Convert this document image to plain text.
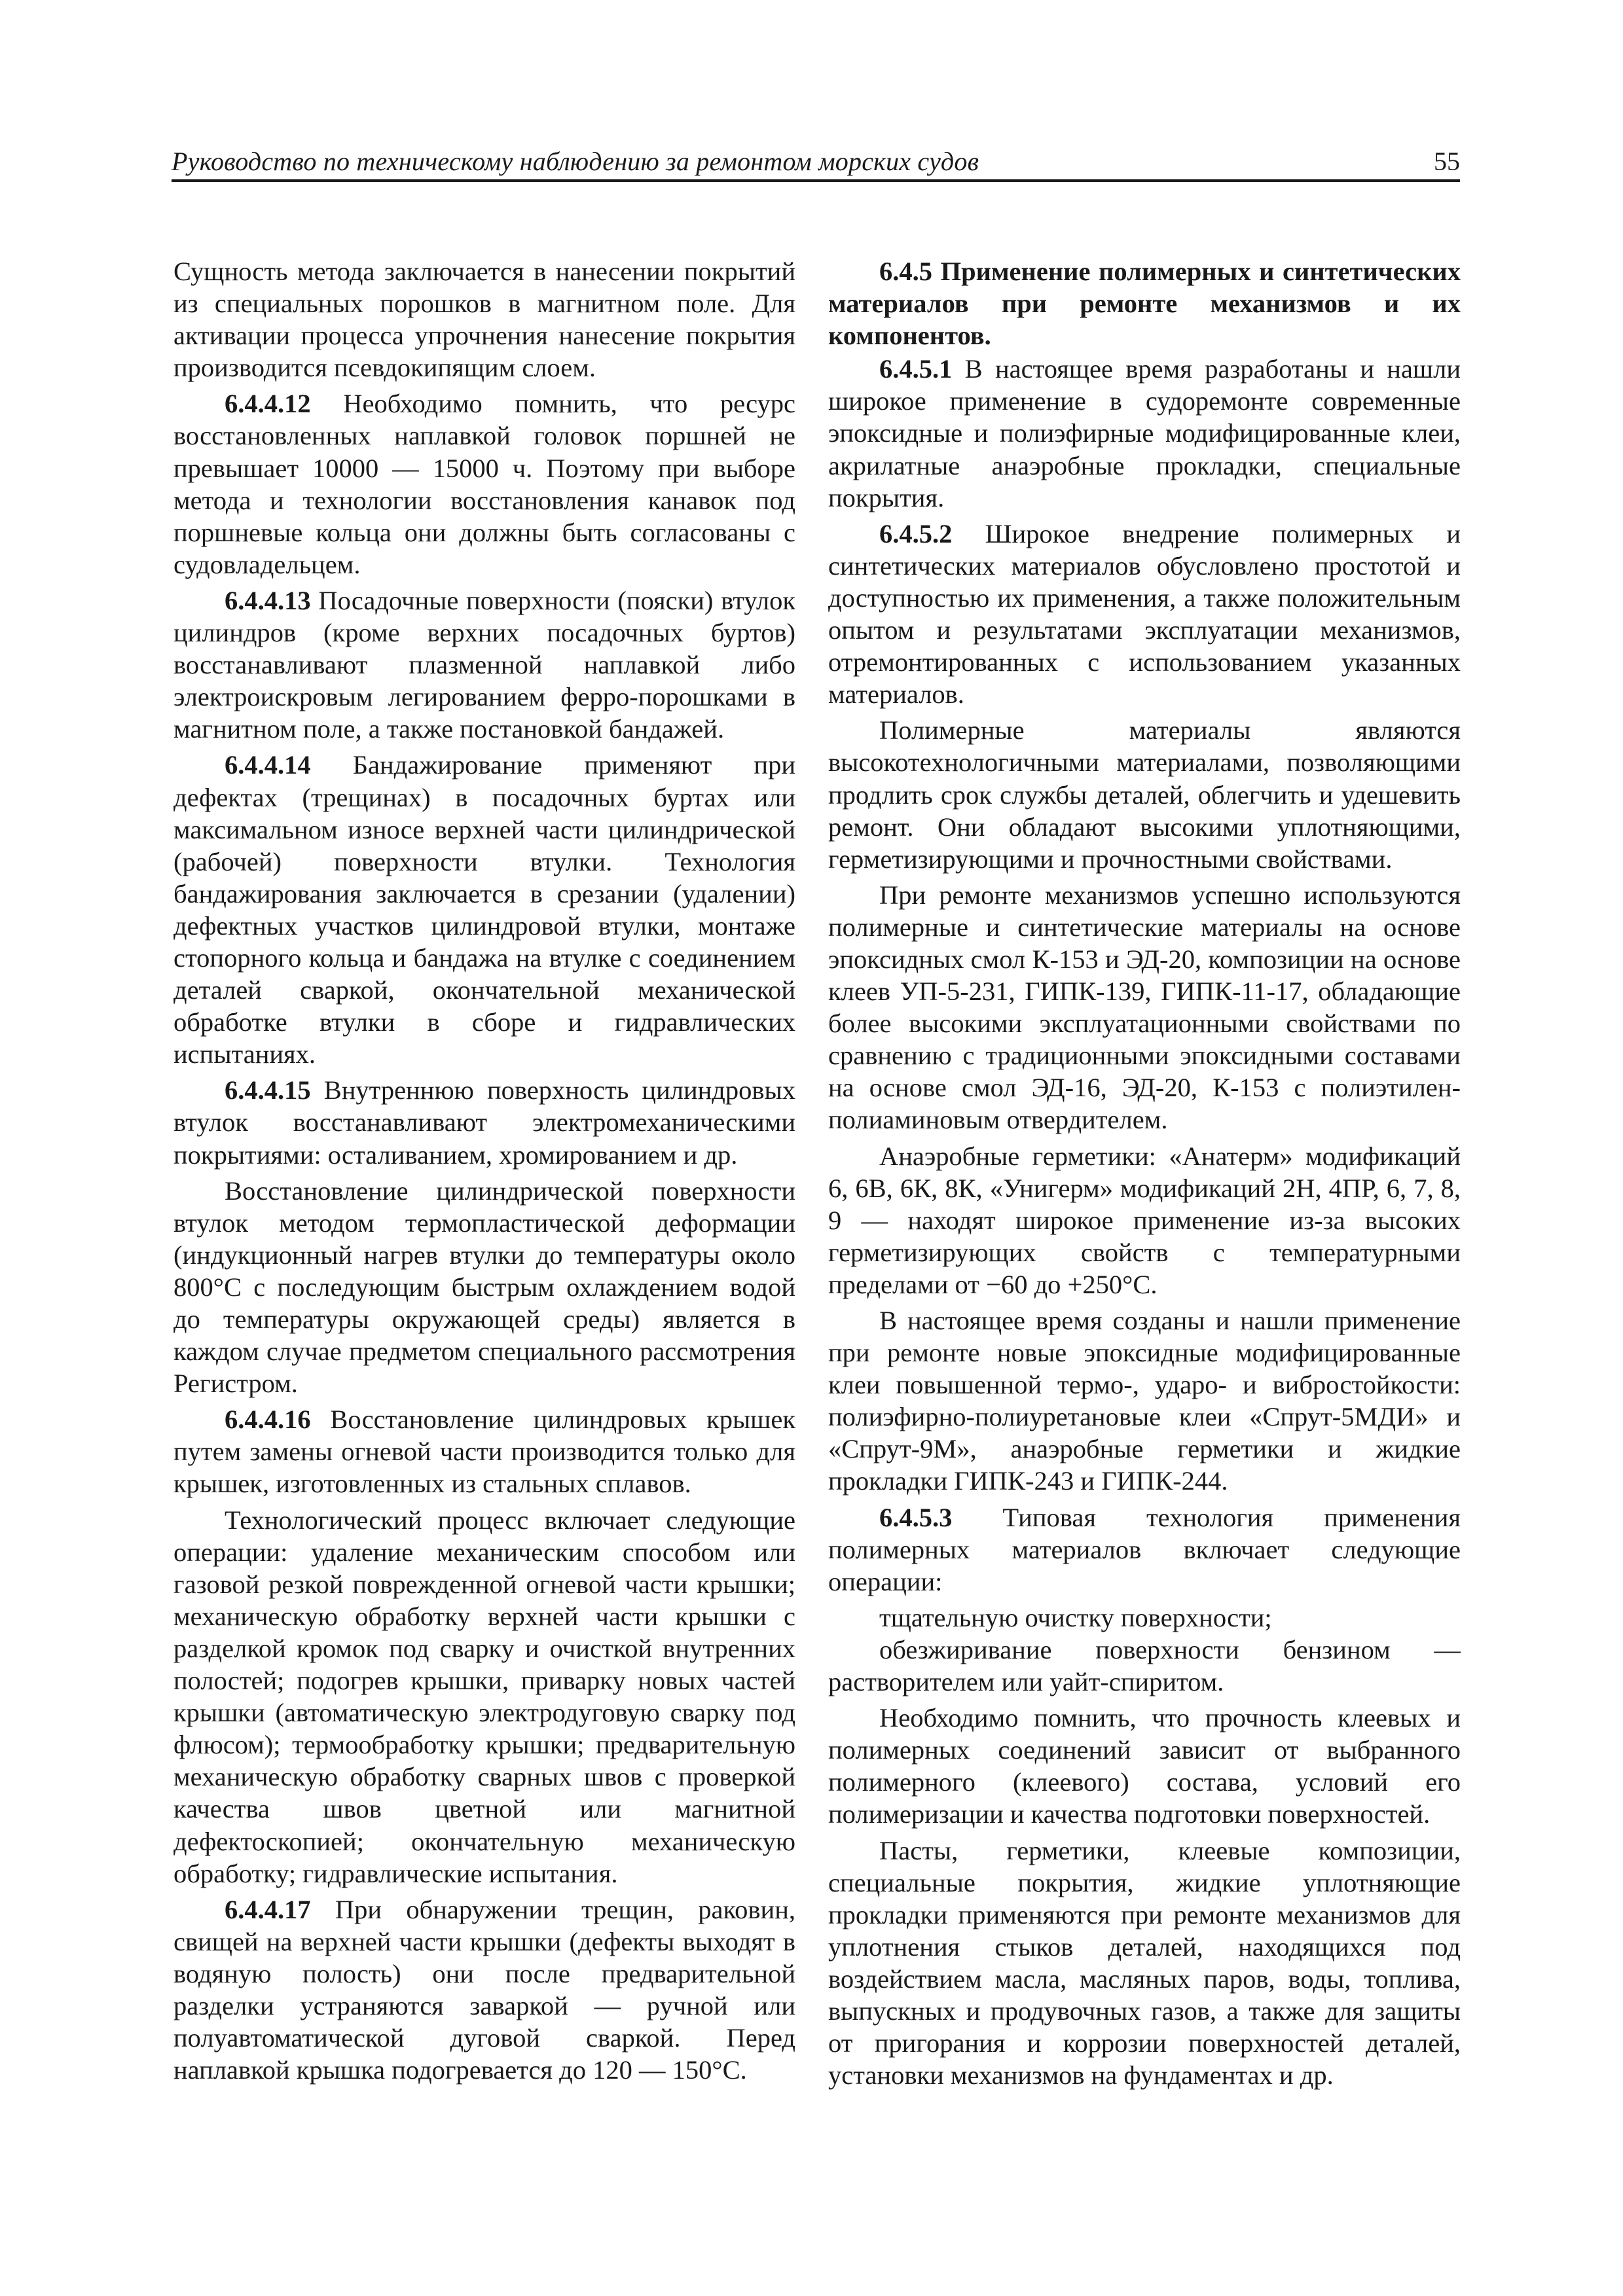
Руководство по техническому наблюдению за ремонтом морских судов	55

Сущность метода заключается в нанесении покрытий из специальных порошков в магнитном поле. Для активации процесса упрочнения нанесение покрытия производится псевдокипящим слоем.

6.4.4.12 Необходимо помнить, что ресурс восстановленных наплавкой головок поршней не превышает 10000 — 15000 ч. Поэтому при выборе метода и технологии восстановления канавок под поршневые кольца они должны быть согласованы с судовладельцем.

6.4.4.13 Посадочные поверхности (пояски) втулок цилиндров (кроме верхних посадочных буртов) восстанавливают плазменной наплавкой либо электроискровым легированием ферро-порошками в магнитном поле, а также постановкой бандажей.

6.4.4.14 Бандажирование применяют при дефектах (трещинах) в посадочных буртах или максимальном износе верхней части цилиндрической (рабочей) поверхности втулки. Технология бандажирования заключается в срезании (удалении) дефектных участков цилиндровой втулки, монтаже стопорного кольца и бандажа на втулке с соединением деталей сваркой, окончательной механической обработке втулки в сборе и гидравлических испытаниях.

6.4.4.15 Внутреннюю поверхность цилиндровых втулок восстанавливают электромеханическими покрытиями: осталиванием, хромированием и др.

Восстановление цилиндрической поверхности втулок методом термопластической деформации (индукционный нагрев втулки до температуры около 800°C с последующим быстрым охлаждением водой до температуры окружающей среды) является в каждом случае предметом специального рассмотрения Регистром.

6.4.4.16 Восстановление цилиндровых крышек путем замены огневой части производится только для крышек, изготовленных из стальных сплавов.

Технологический процесс включает следующие операции: удаление механическим способом или газовой резкой поврежденной огневой части крышки; механическую обработку верхней части крышки с разделкой кромок под сварку и очисткой внутренних полостей; подогрев крышки, приварку новых частей крышки (автоматическую электродуговую сварку под флюсом); термообработку крышки; предварительную механическую обработку сварных швов с проверкой качества швов цветной или магнитной дефектоскопией; окончательную механическую обработку; гидравлические испытания.

6.4.4.17 При обнаружении трещин, раковин, свищей на верхней части крышки (дефекты выходят в водяную полость) они после предварительной разделки устраняются заваркой — ручной или полуавтоматической дуговой сваркой. Перед наплавкой крышка подогревается до 120 — 150°C.

6.4.5 Применение полимерных и синтетических материалов при ремонте механизмов и их компонентов.

6.4.5.1 В настоящее время разработаны и нашли широкое применение в судоремонте современные эпоксидные и полиэфирные модифицированные клеи, акрилатные анаэробные прокладки, специальные покрытия.

6.4.5.2 Широкое внедрение полимерных и синтетических материалов обусловлено простотой и доступностью их применения, а также положительным опытом и результатами эксплуатации механизмов, отремонтированных с использованием указанных материалов.

Полимерные материалы являются высокотехнологичными материалами, позволяющими продлить срок службы деталей, облегчить и удешевить ремонт. Они обладают высокими уплотняющими, герметизирующими и прочностными свойствами.

При ремонте механизмов успешно используются полимерные и синтетические материалы на основе эпоксидных смол К-153 и ЭД-20, композиции на основе клеев УП-5-231, ГИПК-139, ГИПК-11-17, обладающие более высокими эксплуатационными свойствами по сравнению с традиционными эпоксидными составами на основе смол ЭД-16, ЭД-20, К-153 с полиэтилен-полиаминовым отвердителем.

Анаэробные герметики: «Анатерм» модификаций 6, 6В, 6К, 8К, «Унигерм» модификаций 2Н, 4ПР, 6, 7, 8, 9 — находят широкое применение из-за высоких герметизирующих свойств с температурными пределами от −60 до +250°C.

В настоящее время созданы и нашли применение при ремонте новые эпоксидные модифицированные клеи повышенной термо-, ударо- и вибростойкости: полиэфирно-полиуретановые клеи «Спрут-5МДИ» и «Спрут-9М», анаэробные герметики и жидкие прокладки ГИПК-243 и ГИПК-244.

6.4.5.3 Типовая технология применения полимерных материалов включает следующие операции:

тщательную очистку поверхности;

обезжиривание поверхности бензином — растворителем или уайт-спиритом.

Необходимо помнить, что прочность клеевых и полимерных соединений зависит от выбранного полимерного (клеевого) состава, условий его полимеризации и качества подготовки поверхностей.

Пасты, герметики, клеевые композиции, специальные покрытия, жидкие уплотняющие прокладки применяются при ремонте механизмов для уплотнения стыков деталей, находящихся под воздействием масла, масляных паров, воды, топлива, выпускных и продувочных газов, а также для защиты от пригорания и коррозии поверхностей деталей, установки механизмов на фундаментах и др.
